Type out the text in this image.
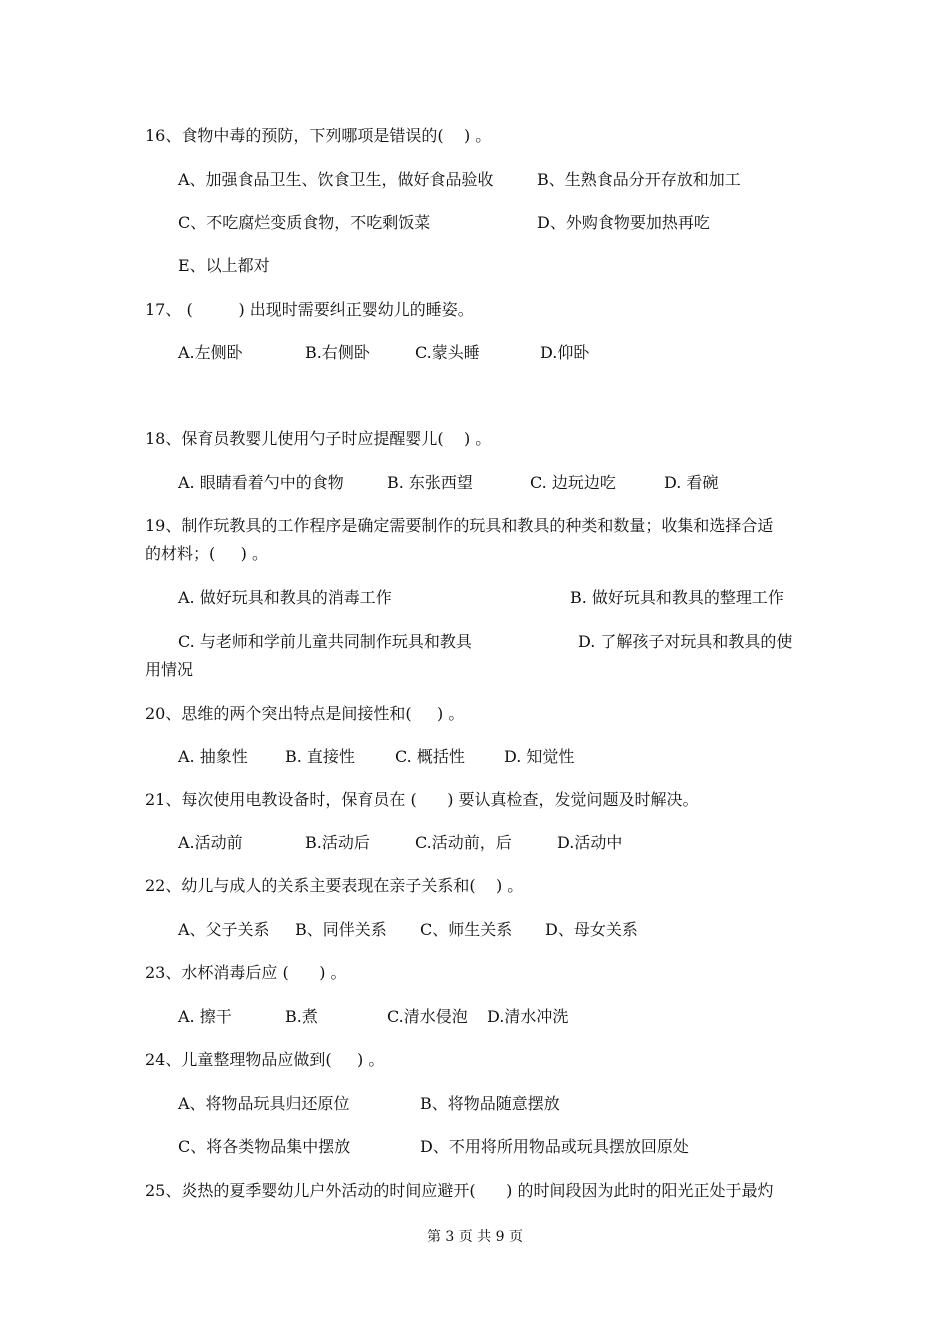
16、食物中毒的预防，下列哪项是错误的(    ) 。
A、加强食品卫生、饮食卫生，做好食品验收	B、生熟食品分开存放和加工
C、不吃腐烂变质食物，不吃剩饭菜	D、外购食物要加热再吃
E、以上都对
17、 (         ) 出现时需要纠正婴幼儿的睡姿。
A.左侧卧	B.右侧卧	C.蒙头睡	D.仰卧
18、保育员教婴儿使用勺子时应提醒婴儿(    ) 。
A. 眼睛看着勺中的食物	B. 东张西望	C. 边玩边吃	D. 看碗
19、制作玩教具的工作程序是确定需要制作的玩具和教具的种类和数量；收集和选择合适
的材料；(     ) 。
A. 做好玩具和教具的消毒工作	B. 做好玩具和教具的整理工作
C. 与老师和学前儿童共同制作玩具和教具	D. 了解孩子对玩具和教具的使
用情况
20、思维的两个突出特点是间接性和(     ) 。
A. 抽象性 B. 直接性	C. 概括性 D. 知觉性
21、每次使用电教设备时，保育员在 (      ) 要认真检查，发觉问题及时解决。
A.活动前	B.活动后	C.活动前，后	D.活动中
22、幼儿与成人的关系主要表现在亲子关系和(    ) 。
A、父子关系 B、同伴关系 C、师生关系 D、母女关系
23、水杯消毒后应 (      ) 。
A. 擦干	B.煮	C.清水侵泡 D.清水冲洗
24、儿童整理物品应做到(     ) 。
A、将物品玩具归还原位	B、将物品随意摆放
C、将各类物品集中摆放	D、不用将所用物品或玩具摆放回原处
25、炎热的夏季婴幼儿户外活动的时间应避开(      ) 的时间段因为此时的阳光正处于最灼
第 3 页 共 9 页
